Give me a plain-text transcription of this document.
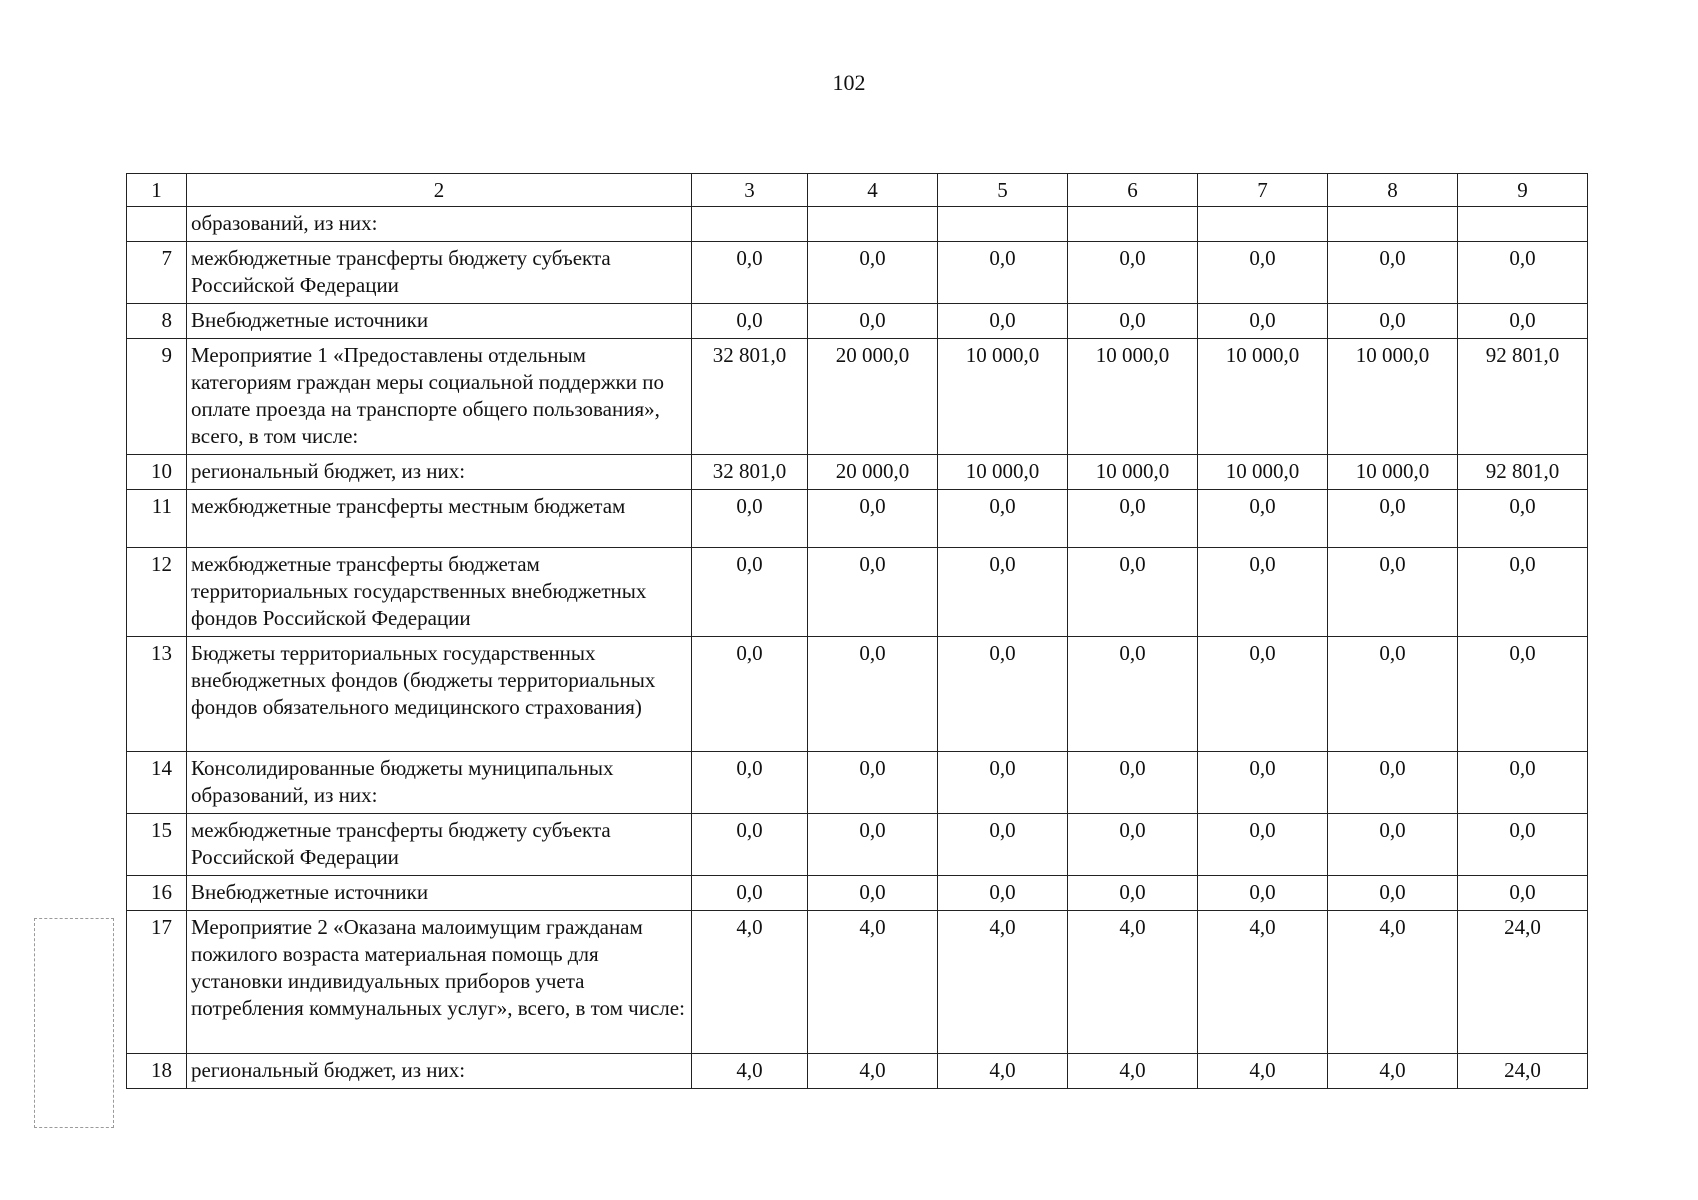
102
1	2	3	4	5	6	7	8	9
	образований, из них:							
7	межбюджетные трансферты бюджету субъекта Российской Федерации	0,0	0,0	0,0	0,0	0,0	0,0	0,0
8	Внебюджетные источники	0,0	0,0	0,0	0,0	0,0	0,0	0,0
9	Мероприятие 1 «Предоставлены отдельным категориям граждан меры социальной поддержки по оплате проезда на транспорте общего пользования», всего, в том числе:	32 801,0	20 000,0	10 000,0	10 000,0	10 000,0	10 000,0	92 801,0
10	региональный бюджет, из них:	32 801,0	20 000,0	10 000,0	10 000,0	10 000,0	10 000,0	92 801,0
11	межбюджетные трансферты местным бюджетам	0,0	0,0	0,0	0,0	0,0	0,0	0,0
12	межбюджетные трансферты бюджетам территориальных государственных внебюджетных фондов Российской Федерации	0,0	0,0	0,0	0,0	0,0	0,0	0,0
13	Бюджеты территориальных государственных внебюджетных фондов (бюджеты территориальных фондов обязательного медицинского страхования)	0,0	0,0	0,0	0,0	0,0	0,0	0,0
14	Консолидированные бюджеты муниципальных образований, из них:	0,0	0,0	0,0	0,0	0,0	0,0	0,0
15	межбюджетные трансферты бюджету субъекта Российской Федерации	0,0	0,0	0,0	0,0	0,0	0,0	0,0
16	Внебюджетные источники	0,0	0,0	0,0	0,0	0,0	0,0	0,0
17	Мероприятие 2 «Оказана малоимущим гражданам пожилого возраста материальная помощь для установки индивидуальных приборов учета потребления коммунальных услуг», всего, в том числе:	4,0	4,0	4,0	4,0	4,0	4,0	24,0
18	региональный бюджет, из них:	4,0	4,0	4,0	4,0	4,0	4,0	24,0
